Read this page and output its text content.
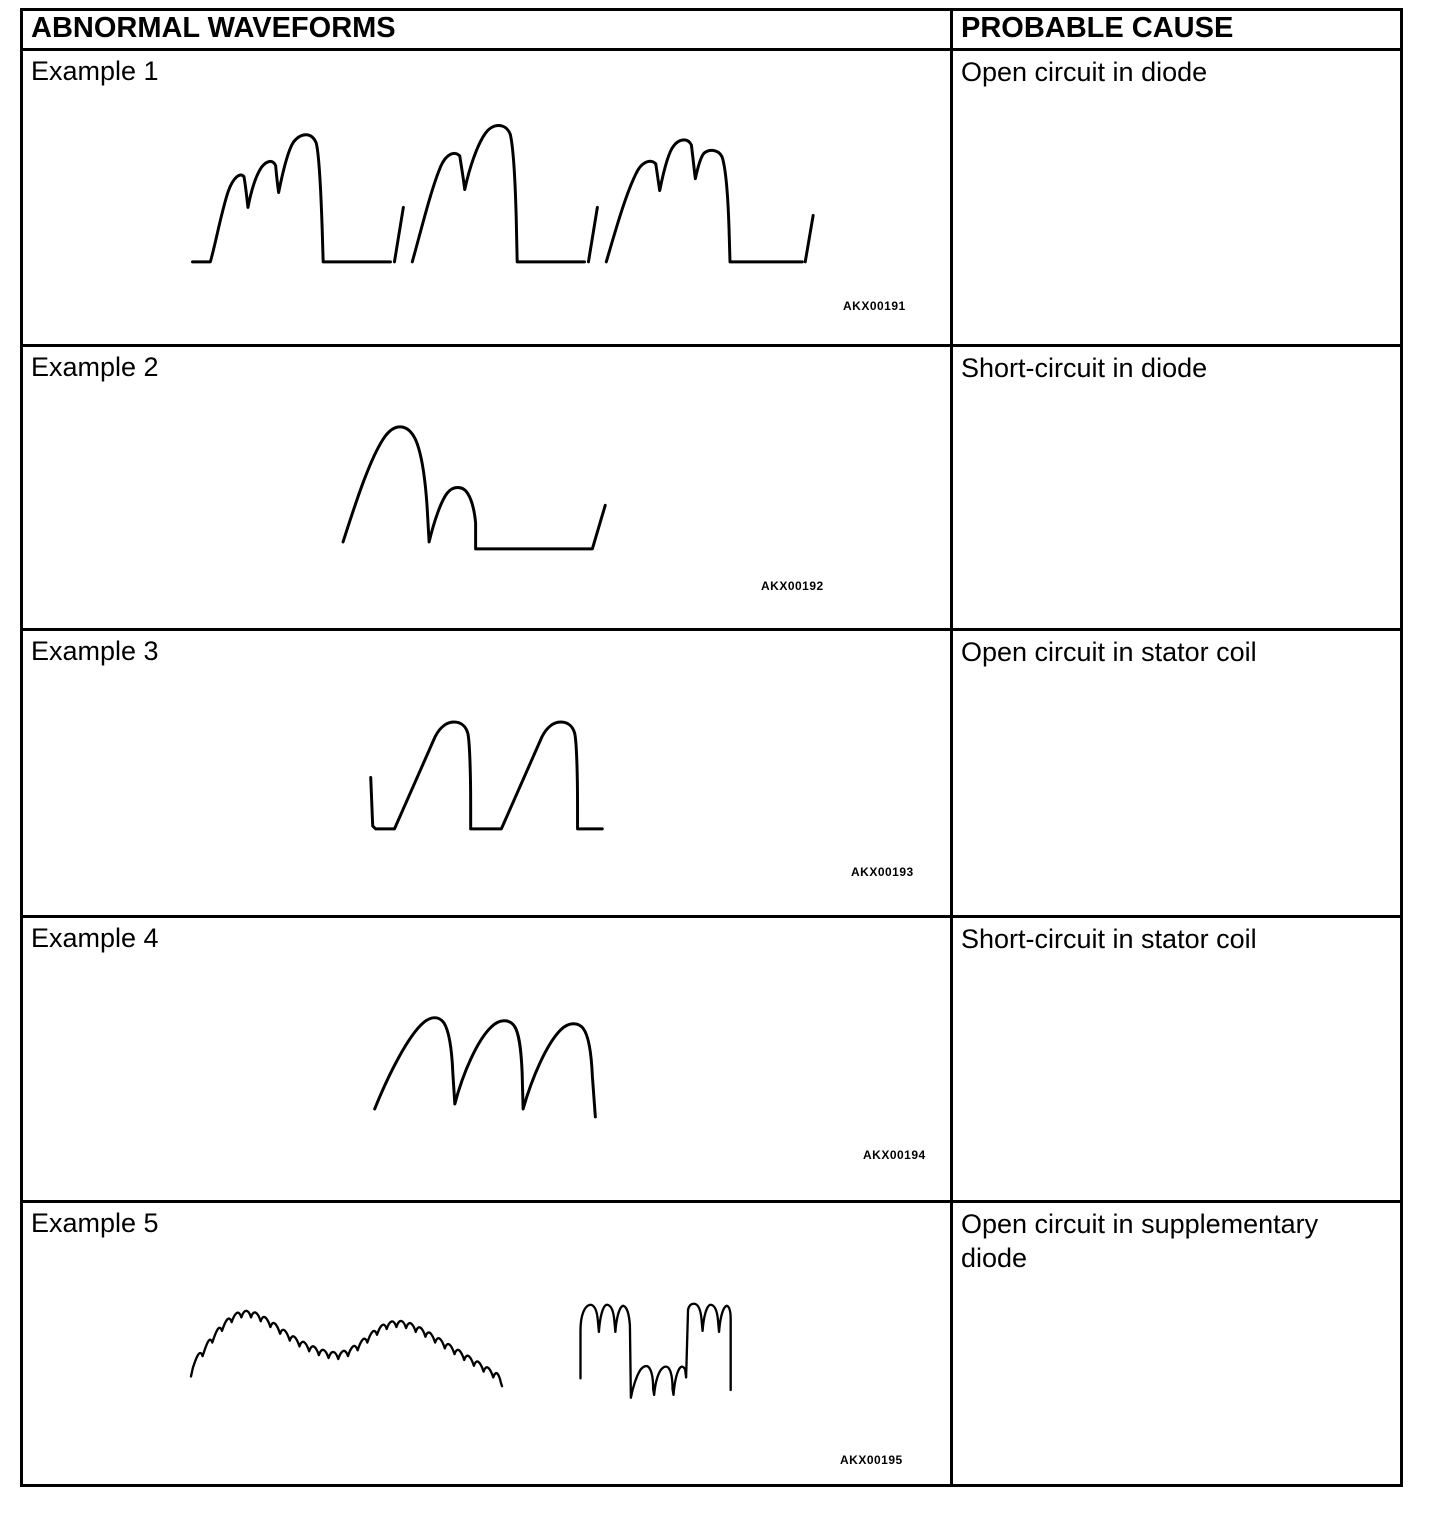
ABNORMAL WAVEFORMS	PROBABLE CAUSE
Example 1
AKX00191
Open circuit in diode
Example 2
AKX00192
Short-circuit in diode
Example 3
AKX00193
Open circuit in stator coil
Example 4
AKX00194
Short-circuit in stator coil
Example 5
AKX00195
Open circuit in supplementary diode
